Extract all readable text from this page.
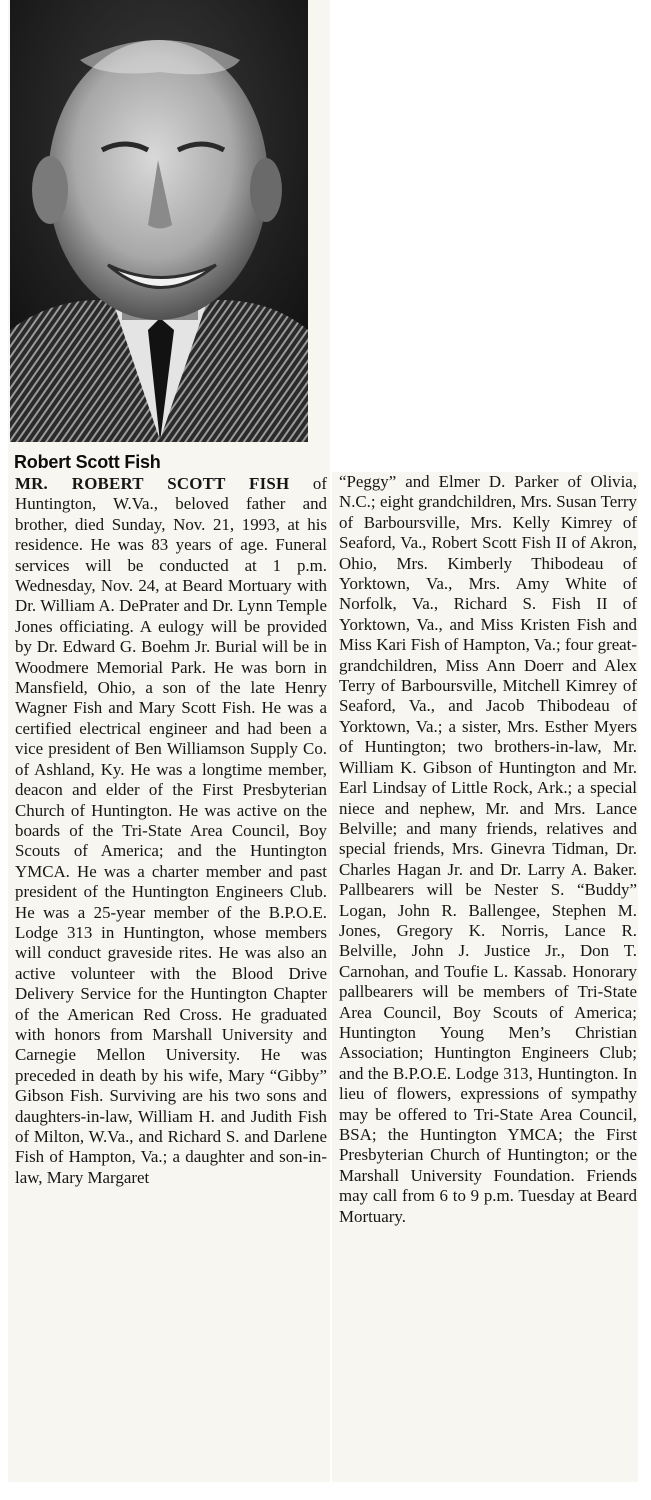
Robert Scott Fish
MR. ROBERT SCOTT FISH of Huntington, W.Va., beloved father and brother, died Sunday, Nov. 21, 1993, at his residence. He was 83 years of age. Funeral services will be conducted at 1 p.m. Wednesday, Nov. 24, at Beard Mortuary with Dr. William A. DePrater and Dr. Lynn Temple Jones officiating. A eulogy will be provided by Dr. Edward G. Boehm Jr. Burial will be in Woodmere Memorial Park. He was born in Mansfield, Ohio, a son of the late Henry Wagner Fish and Mary Scott Fish. He was a certified electrical engineer and had been a vice president of Ben Williamson Supply Co. of Ashland, Ky. He was a longtime member, deacon and elder of the First Presbyterian Church of Huntington. He was active on the boards of the Tri-State Area Council, Boy Scouts of America; and the Huntington YMCA. He was a charter member and past president of the Huntington Engineers Club. He was a 25-year member of the B.P.O.E. Lodge 313 in Huntington, whose members will conduct graveside rites. He was also an active volunteer with the Blood Drive Delivery Service for the Huntington Chapter of the American Red Cross. He graduated with honors from Marshall University and Carnegie Mellon University. He was preceded in death by his wife, Mary “Gibby” Gibson Fish. Surviving are his two sons and daughters-in-law, William H. and Judith Fish of Milton, W.Va., and Richard S. and Darlene Fish of Hampton, Va.; a daughter and son-in-law, Mary Margaret
“Peggy” and Elmer D. Parker of Olivia, N.C.; eight grandchildren, Mrs. Susan Terry of Barboursville, Mrs. Kelly Kimrey of Seaford, Va., Robert Scott Fish II of Akron, Ohio, Mrs. Kimberly Thibodeau of Yorktown, Va., Mrs. Amy White of Norfolk, Va., Richard S. Fish II of Yorktown, Va., and Miss Kristen Fish and Miss Kari Fish of Hampton, Va.; four great-grandchildren, Miss Ann Doerr and Alex Terry of Barboursville, Mitchell Kimrey of Seaford, Va., and Jacob Thibodeau of Yorktown, Va.; a sister, Mrs. Esther Myers of Huntington; two brothers-in-law, Mr. William K. Gibson of Huntington and Mr. Earl Lindsay of Little Rock, Ark.; a special niece and nephew, Mr. and Mrs. Lance Belville; and many friends, relatives and special friends, Mrs. Ginevra Tidman, Dr. Charles Hagan Jr. and Dr. Larry A. Baker. Pallbearers will be Nester S. “Buddy” Logan, John R. Ballengee, Stephen M. Jones, Gregory K. Norris, Lance R. Belville, John J. Justice Jr., Don T. Carnohan, and Toufie L. Kassab. Honorary pallbearers will be members of Tri-State Area Council, Boy Scouts of America; Huntington Young Men’s Christian Association; Huntington Engineers Club; and the B.P.O.E. Lodge 313, Huntington. In lieu of flowers, expressions of sympathy may be offered to Tri-State Area Council, BSA; the Huntington YMCA; the First Presbyterian Church of Huntington; or the Marshall University Foundation. Friends may call from 6 to 9 p.m. Tuesday at Beard Mortuary.
